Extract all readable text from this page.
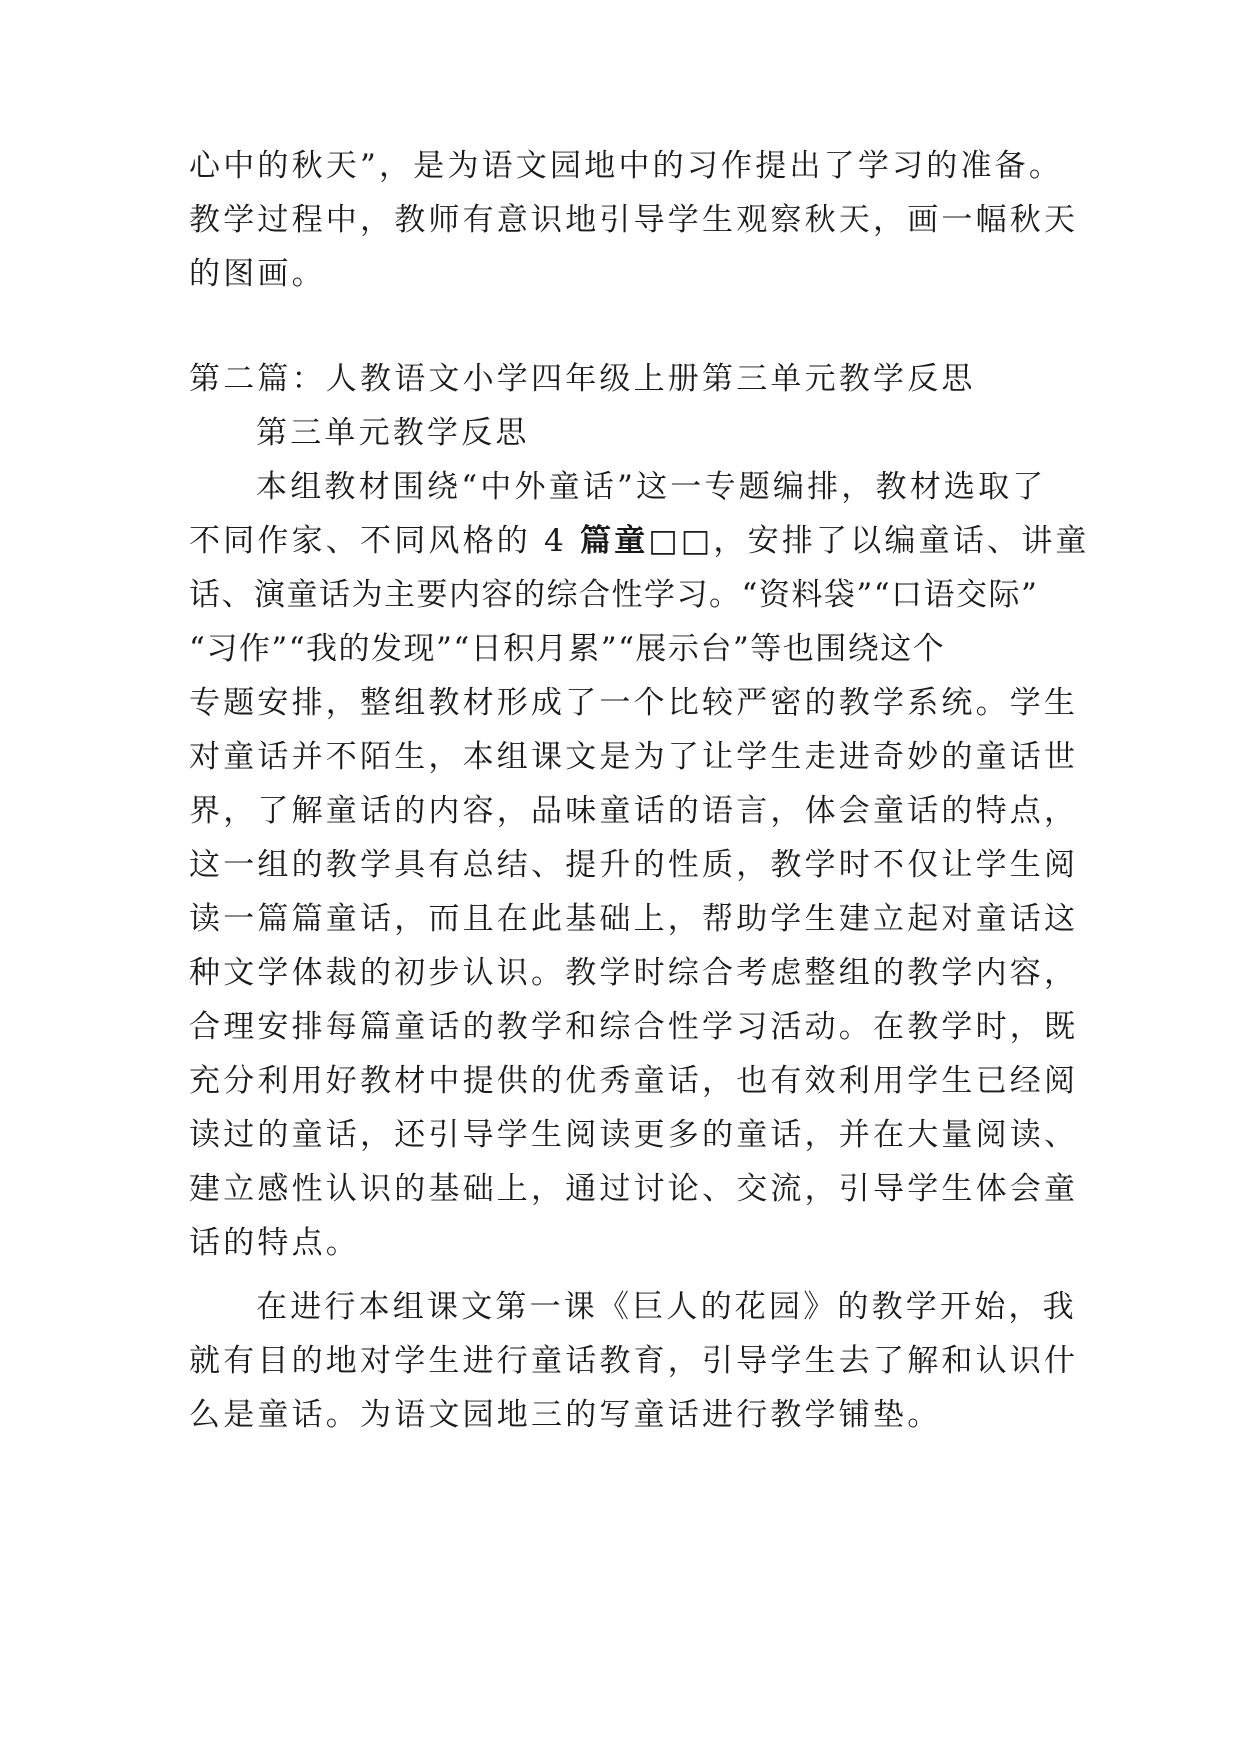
心中的秋天”，是为语文园地中的习作提出了学习的准备。
教学过程中，教师有意识地引导学生观察秋天，画一幅秋天
的图画。
第二篇：人教语文小学四年级上册第三单元教学反思
第三单元教学反思
本组教材围绕“中外童话”这一专题编排，教材选取了
不同作家、不同风格的 4 篇童□□，安排了以编童话、讲童
话、演童话为主要内容的综合性学习。“资料袋”“口语交际”
“习作”“我的发现”“日积月累”“展示台”等也围绕这个
专题安排，整组教材形成了一个比较严密的教学系统。学生
对童话并不陌生，本组课文是为了让学生走进奇妙的童话世
界，了解童话的内容，品味童话的语言，体会童话的特点，
这一组的教学具有总结、提升的性质，教学时不仅让学生阅
读一篇篇童话，而且在此基础上，帮助学生建立起对童话这
种文学体裁的初步认识。教学时综合考虑整组的教学内容，
合理安排每篇童话的教学和综合性学习活动。在教学时，既
充分利用好教材中提供的优秀童话，也有效利用学生已经阅
读过的童话，还引导学生阅读更多的童话，并在大量阅读、
建立感性认识的基础上，通过讨论、交流，引导学生体会童
话的特点。
在进行本组课文第一课《巨人的花园》的教学开始，我
就有目的地对学生进行童话教育，引导学生去了解和认识什
么是童话。为语文园地三的写童话进行教学铺垫。
